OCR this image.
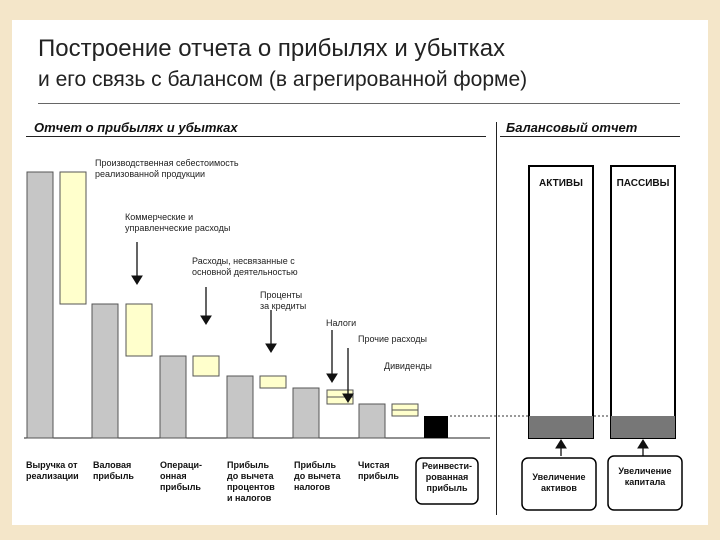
Построение отчета о прибылях и убытках
и его связь с балансом (в агрегированной форме)
Отчет о прибылях и убытках	Балансовый отчет
Производственная себестоимость
реализованной продукции
Коммерческие и
управленческие расходы
Расходы, несвязанные с
основной деятельностью
Проценты
за кредиты
Налоги
Прочие расходы
Дивиденды
Выручка от
реализации
Валовая
прибыль
Операци-
онная
прибыль
Прибыль
до вычета
процентов
и налогов
Прибыль
до вычета
налогов
Чистая
прибыль
Реинвести-
рованная
прибыль
АКТИВЫ	ПАССИВЫ
Увеличение
активов
Увеличение
капитала
